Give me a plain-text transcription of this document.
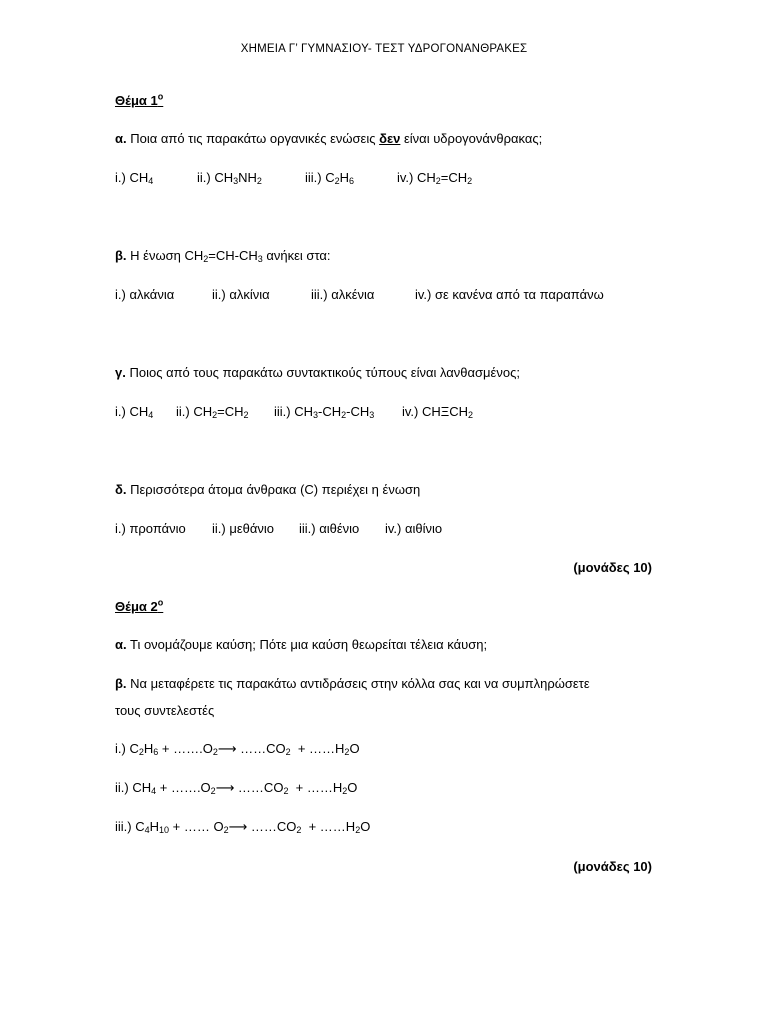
ΧΗΜΕΙΑ Γ’ ΓΥΜΝΑΣΙΟΥ- ΤΕΣΤ ΥΔΡΟΓΟΝΑΝΘΡΑΚΕΣ
Θέμα $1^o$
α. Ποια από τις παρακάτω οργανικές ενώσεις δεν είναι υδρογονάνθρακας;
i.) $CH_4$	ii.) $CH_3NH_2$	iii.) $C_2H_6$	iv.) $CH_2=CH_2$
β. Η ένωση $CH_2=CH-CH_3$ ανήκει στα:
i.) αλκάνια	ii.) αλκίνια	iii.) αλκένια	iv.) σε κανένα από τα παραπάνω
γ. Ποιος από τους παρακάτω συντακτικούς τύπους είναι λανθασμένος;
i.) $CH_4$ ii.) $CH_2=CH_2$ iii.) $CH_3-CH_2-CH_3$ iv.) $CH\Xi CH_2$
δ. Περισσότερα άτομα άνθρακα (C) περιέχει η ένωση
i.) προπάνιο ii.) μεθάνιο iii.) αιθένιο iv.) αιθίνιο
(μονάδες 10)
Θέμα $2^o$
α. Τι ονομάζουμε καύση; Πότε μια καύση θεωρείται τέλεια κάυση;
β. Να μεταφέρετε τις παρακάτω αντιδράσεις στην κόλλα σας και να συμπληρώσετε
τους συντελεστές
i.) $C_2H_6$ + $\dots\dots.O_2⟶$ $\dots\dots CO_2$  + $\dots\dots H_2O$
ii.) $CH_4$ + $\dots\dots.O_2⟶$ $\dots\dots CO_2$  + $\dots\dots H_2O$
iii.) $C_4H_{10}$ + …… $O_2⟶$ $\dots\dots CO_2$  + $\dots\dots H_2O$
(μονάδες 10)
